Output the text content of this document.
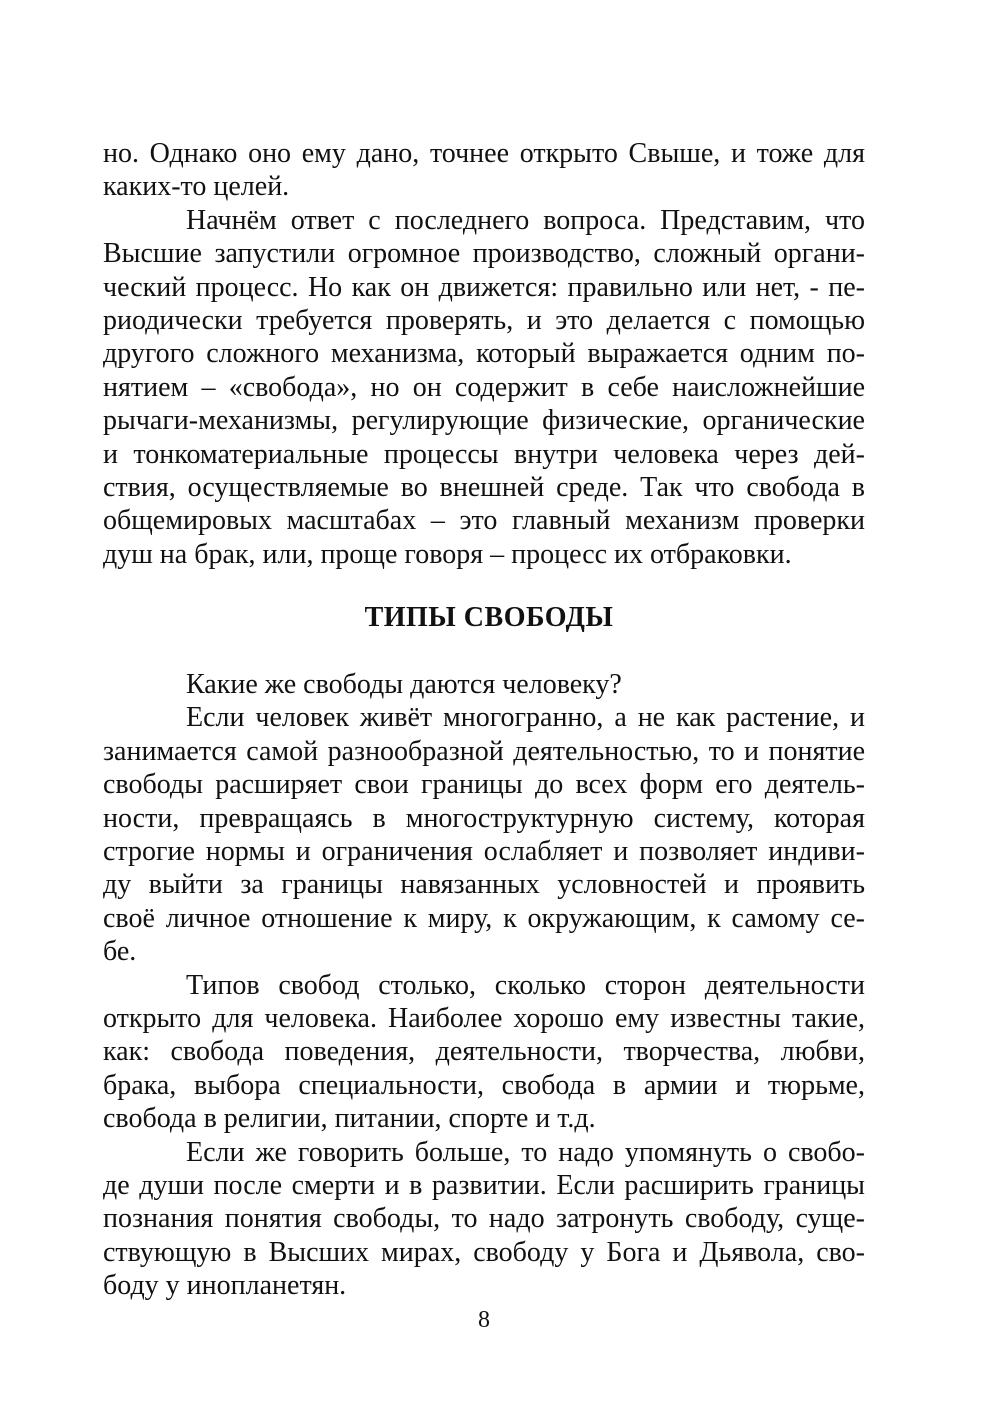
но. Однако оно ему дано, точнее открыто Свыше, и тоже для
каких-то целей.
Начнём ответ с последнего вопроса. Представим, что
Высшие запустили огромное производство, сложный органи-
ческий процесс. Но как он движется: правильно или нет, - пе-
риодически требуется проверять, и это делается с помощью
другого сложного механизма, который выражается одним по-
нятием – «свобода», но он содержит в себе наисложнейшие
рычаги-механизмы, регулирующие физические, органические
и тонкоматериальные процессы внутри человека через дей-
ствия, осуществляемые во внешней среде. Так что свобода в
общемировых масштабах – это главный механизм проверки
душ на брак, или, проще говоря – процесс их отбраковки.
ТИПЫ СВОБОДЫ
Какие же свободы даются человеку?
Если человек живёт многогранно, а не как растение, и
занимается самой разнообразной деятельностью, то и понятие
свободы расширяет свои границы до всех форм его деятель-
ности, превращаясь в многоструктурную систему, которая
строгие нормы и ограничения ослабляет и позволяет индиви-
ду выйти за границы навязанных условностей и проявить
своё личное отношение к миру, к окружающим, к самому се-
бе.
Типов свобод столько, сколько сторон деятельности
открыто для человека. Наиболее хорошо ему известны такие,
как: свобода поведения, деятельности, творчества, любви,
брака, выбора специальности, свобода в армии и тюрьме,
свобода в религии, питании, спорте и т.д.
Если же говорить больше, то надо упомянуть о свобо-
де души после смерти и в развитии. Если расширить границы
познания понятия свободы, то надо затронуть свободу, суще-
ствующую в Высших мирах, свободу у Бога и Дьявола, сво-
боду у инопланетян.
8
